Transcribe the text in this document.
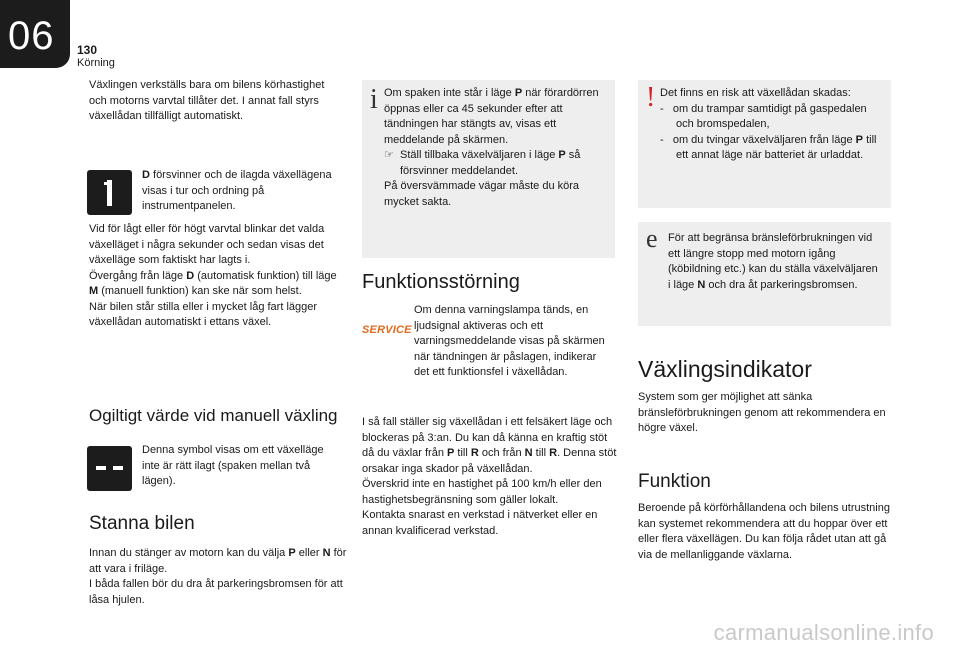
06 130
Körning

Växlingen verkställs bara om bilens körhastighet och motorns varvtal tillåter det. I annat fall styrs växellådan tillfälligt automatiskt.

D försvinner och de ilagda växellägena visas i tur och ordning på instrumentpanelen.

Vid för lågt eller för högt varvtal blinkar det valda växelläget i några sekunder och sedan visas det växelläge som faktiskt har lagts i.
Övergång från läge D (automatisk funktion) till läge M (manuell funktion) kan ske när som helst.
När bilen står stilla eller i mycket låg fart lägger växellådan automatiskt i ettans växel.
Ogiltigt värde vid manuell växling

Denna symbol visas om ett växelläge inte är rätt ilagt (spaken mellan två lägen).

Stanna bilen
Innan du stänger av motorn kan du välja P eller N för att vara i friläge.
I båda fallen bör du dra åt parkeringsbromsen för att låsa hjulen.
i Om spaken inte står i läge P när förardörren öppnas eller ca 45 sekunder efter att tändningen har stängts av, visas ett meddelande på skärmen.
☞ Ställ tillbaka växelväljaren i läge P så försvinner meddelandet.
På översvämmade vägar måste du köra mycket sakta.
Funktionsstörning
SERVICE

Om denna varningslampa tänds, en ljudsignal aktiveras och ett varningsmeddelande visas på skärmen när tändningen är påslagen, indikerar det ett funktionsfel i växellådan.

I så fall ställer sig växellådan i ett felsäkert läge och blockeras på 3:an. Du kan då känna en kraftig stöt då du växlar från P till R och från N till R. Denna stöt orsakar inga skador på växellådan.
Överskrid inte en hastighet på 100 km/h eller den hastighetsbegränsning som gäller lokalt.
Kontakta snarast en verkstad i nätverket eller en annan kvalificerad verkstad.
! Det finns en risk att växellådan skadas:
- om du trampar samtidigt på gaspedalen och bromspedalen,
- om du tvingar växelväljaren från läge P till ett annat läge när batteriet är urladdat.
e För att begränsa bränsleförbrukningen vid ett längre stopp med motorn igång (köbildning etc.) kan du ställa växelväljaren i läge N och dra åt parkeringsbromsen.

Växlingsindikator

System som ger möjlighet att sänka bränsleförbrukningen genom att rekommendera en högre växel.

Funktion

Beroende på körförhållandena och bilens utrustning kan systemet rekommendera att du hoppar över ett eller flera växellägen. Du kan följa rådet utan att gå via de mellanliggande växlarna.

carmanualsonline.info
